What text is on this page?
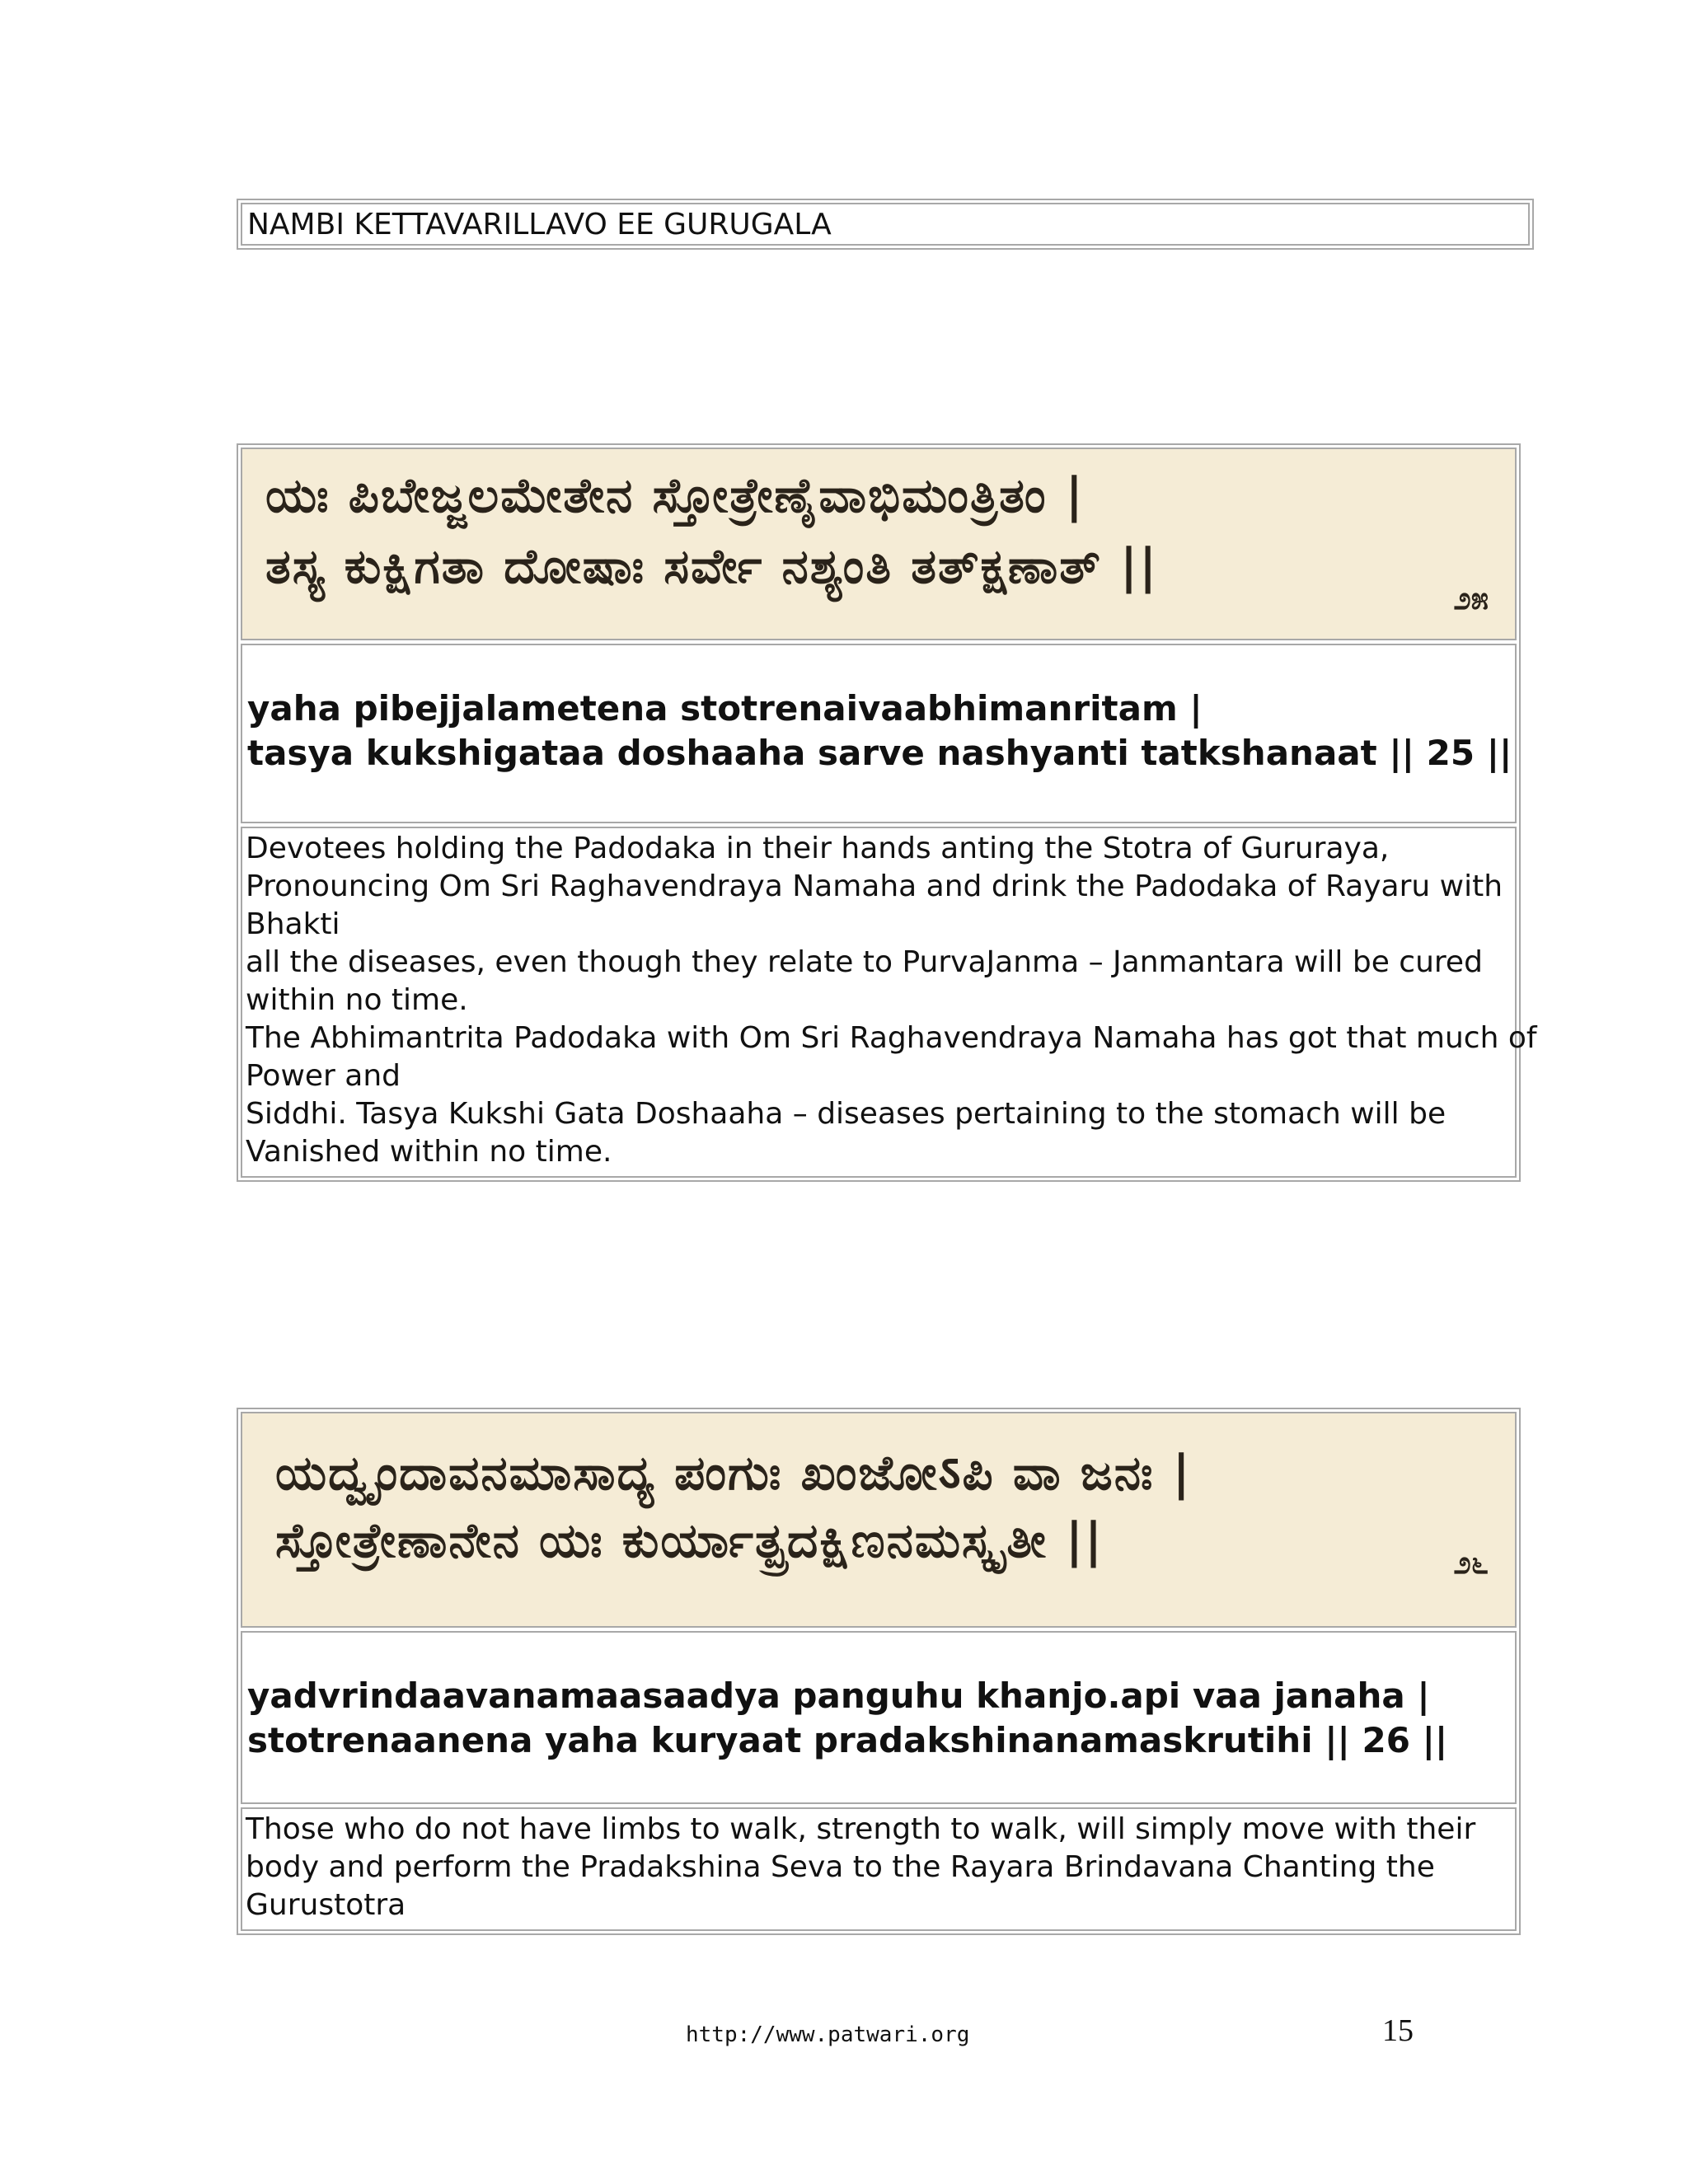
NAMBI KETTAVARILLAVO EE GURUGALA
ಯಃ ಪಿಬೇಜ್ಜಲಮೇತೇನ ಸ್ತೋತ್ರೇಣೈವಾಭಿಮಂತ್ರಿತಂ |
ತಸ್ಯ ಕುಕ್ಷಿಗತಾ ದೋಷಾಃ ಸರ್ವೇ ನಶ್ಯಂತಿ ತತ್ಕ್ಷಣಾತ್ ||
೨೫
yaha pibejjalametena stotrenaivaabhimanritam |
tasya kukshigataa doshaaha sarve nashyanti tatkshanaat || 25 ||
Devotees holding the Padodaka in their hands anting the Stotra of Gururaya,
Pronouncing Om Sri Raghavendraya Namaha and drink the Padodaka of Rayaru with
Bhakti
all the diseases, even though they relate to PurvaJanma – Janmantara will be cured
within no time.
The Abhimantrita Padodaka with Om Sri Raghavendraya Namaha has got that much of
Power and
Siddhi. Tasya Kukshi Gata Doshaaha – diseases pertaining to the stomach will be
Vanished within no time.
ಯದ್ವೃಂದಾವನಮಾಸಾದ್ಯ ಪಂಗುಃ ಖಂಜೋऽಪಿ ವಾ ಜನಃ |
ಸ್ತೋತ್ರೇಣಾನೇನ ಯಃ ಕುರ್ಯಾತ್ಪ್ರದಕ್ಷಿಣನಮಸ್ಕೃತೀ ||	೨೬
yadvrindaavanamaasaadya panguhu khanjo.api vaa janaha |
stotrenaanena yaha kuryaat pradakshinanamaskrutihi || 26 ||
Those who do not have limbs to walk, strength to walk, will simply move with their
body and perform the Pradakshina Seva to the Rayara Brindavana Chanting the
Gurustotra
http://www.patwari.org	15
